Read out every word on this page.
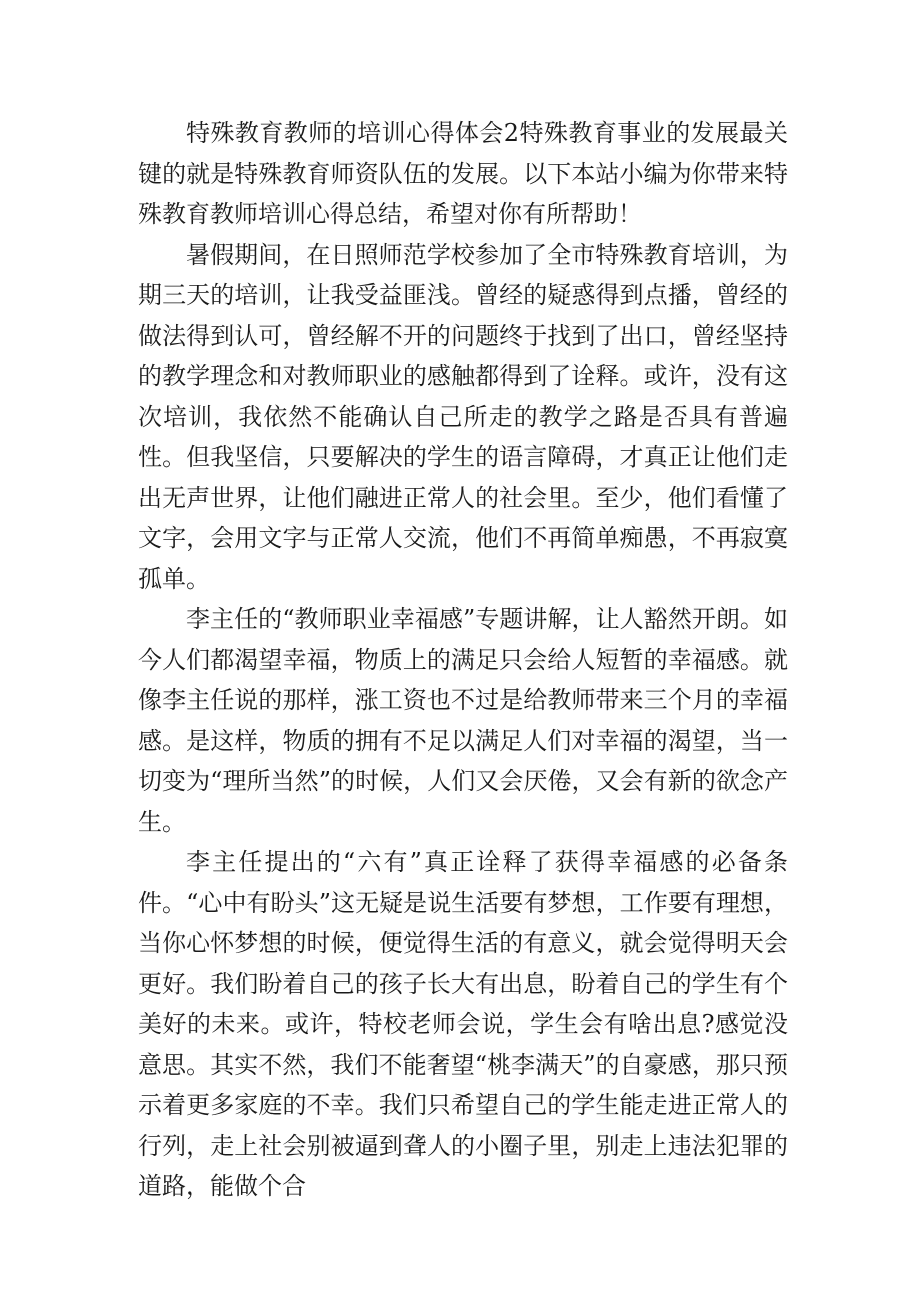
特殊教育教师的培训心得体会2特殊教育事业的发展最关键的就是特殊教育师资队伍的发展。以下本站小编为你带来特殊教育教师培训心得总结，希望对你有所帮助！

暑假期间，在日照师范学校参加了全市特殊教育培训，为期三天的培训，让我受益匪浅。曾经的疑惑得到点播，曾经的做法得到认可，曾经解不开的问题终于找到了出口，曾经坚持的教学理念和对教师职业的感触都得到了诠释。或许，没有这次培训，我依然不能确认自己所走的教学之路是否具有普遍性。但我坚信，只要解决的学生的语言障碍，才真正让他们走出无声世界，让他们融进正常人的社会里。至少，他们看懂了文字，会用文字与正常人交流，他们不再简单痴愚，不再寂寞孤单。

李主任的“教师职业幸福感”专题讲解，让人豁然开朗。如今人们都渴望幸福，物质上的满足只会给人短暂的幸福感。就像李主任说的那样，涨工资也不过是给教师带来三个月的幸福感。是这样，物质的拥有不足以满足人们对幸福的渴望，当一切变为“理所当然”的时候，人们又会厌倦，又会有新的欲念产生。

李主任提出的“六有”真正诠释了获得幸福感的必备条件。“心中有盼头”这无疑是说生活要有梦想，工作要有理想，当你心怀梦想的时候，便觉得生活的有意义，就会觉得明天会更好。我们盼着自己的孩子长大有出息，盼着自己的学生有个美好的未来。或许，特校老师会说，学生会有啥出息?感觉没意思。其实不然，我们不能奢望“桃李满天”的自豪感，那只预示着更多家庭的不幸。我们只希望自己的学生能走进正常人的行列，走上社会别被逼到聋人的小圈子里，别走上违法犯罪的道路，能做个合
